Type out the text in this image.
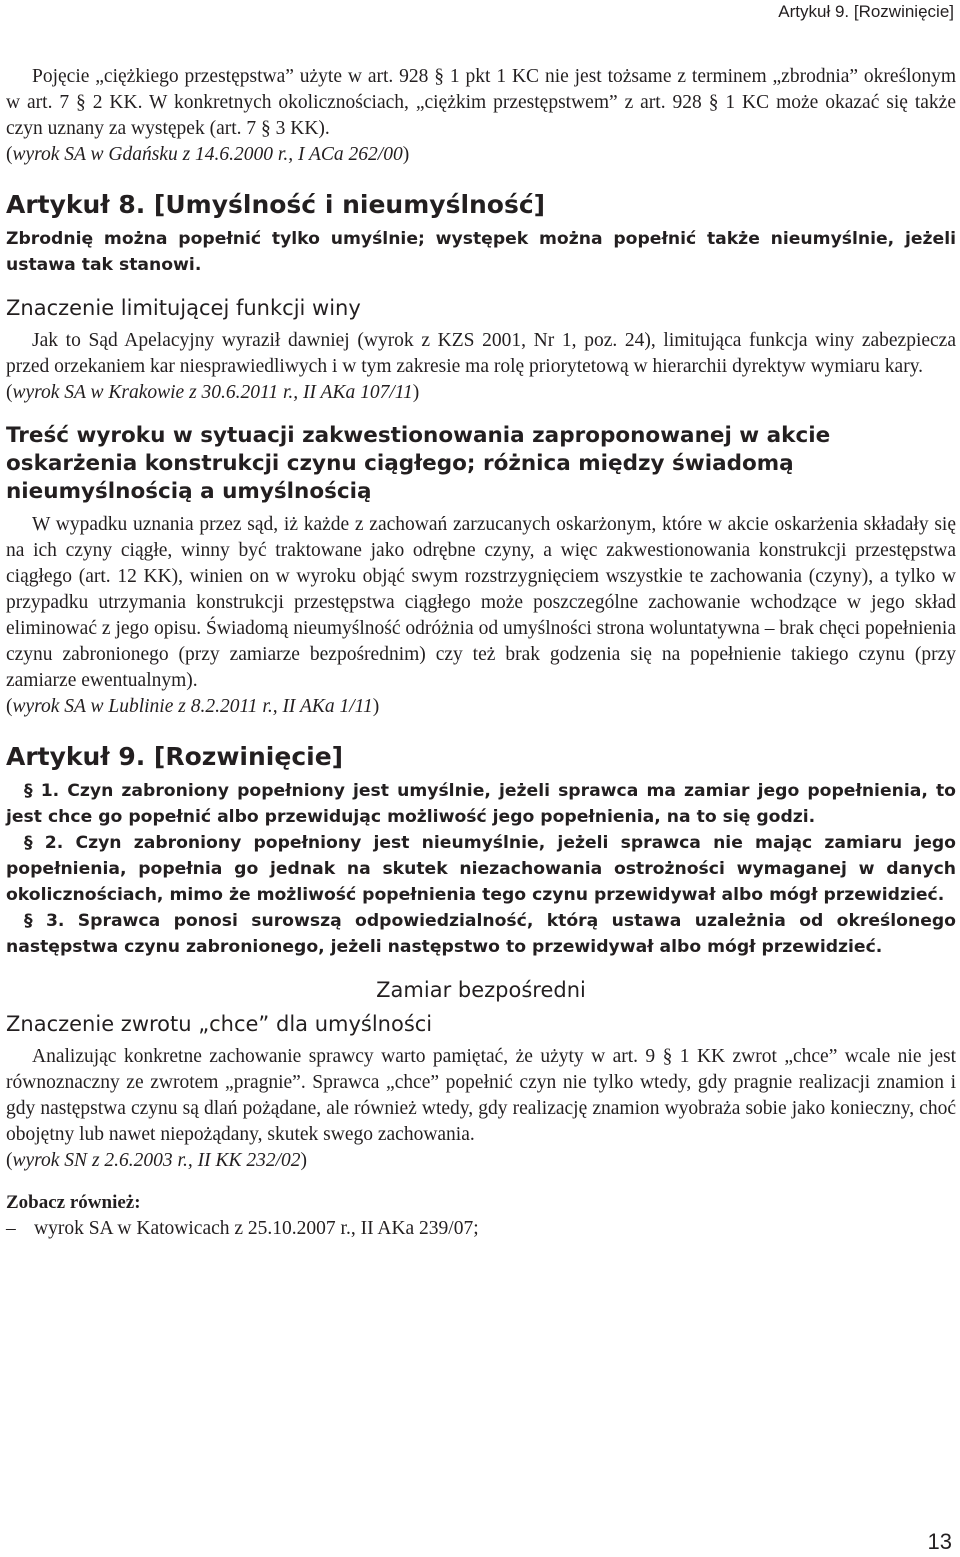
Artykuł 9. [Rozwinięcie]

Pojęcie „ciężkiego przestępstwa” użyte w art. 928 § 1 pkt 1 KC nie jest tożsame z terminem „zbrodnia” określonym w art. 7 § 2 KK. W konkretnych okolicznościach, „ciężkim przestępstwem” z art. 928 § 1 KC może okazać się także czyn uznany za występek (art. 7 § 3 KK).

(wyrok SA w Gdańsku z 14.6.2000 r., I ACa 262/00)

Artykuł 8. [Umyślność i nieumyślność]

Zbrodnię można popełnić tylko umyślnie; występek można popełnić także nieumyślnie, jeżeli ustawa tak stanowi.

Znaczenie limitującej funkcji winy

Jak to Sąd Apelacyjny wyraził dawniej (wyrok z KZS 2001, Nr 1, poz. 24), limitująca funkcja winy zabezpiecza przed orzekaniem kar niesprawiedliwych i w tym zakresie ma rolę priorytetową w hierarchii dyrektyw wymiaru kary.

(wyrok SA w Krakowie z 30.6.2011 r., II AKa 107/11)

Treść wyroku w sytuacji zakwestionowania zaproponowanej w akcie oskarżenia konstrukcji czynu ciągłego; różnica między świadomą nieumyślnością a umyślnością

W wypadku uznania przez sąd, iż każde z zachowań zarzucanych oskarżonym, które w akcie oskarżenia składały się na ich czyny ciągłe, winny być traktowane jako odrębne czyny, a więc zakwestionowania konstrukcji przestępstwa ciągłego (art. 12 KK), winien on w wyroku objąć swym rozstrzygnięciem wszystkie te zachowania (czyny), a tylko w przypadku utrzymania konstrukcji przestępstwa ciągłego może poszczególne zachowanie wchodzące w jego skład eliminować z jego opisu. Świadomą nieumyślność odróżnia od umyślności strona woluntatywna – brak chęci popełnienia czynu zabronionego (przy zamiarze bezpośrednim) czy też brak godzenia się na popełnienie takiego czynu (przy zamiarze ewentualnym).

(wyrok SA w Lublinie z 8.2.2011 r., II AKa 1/11)

Artykuł 9. [Rozwinięcie]

§ 1. Czyn zabroniony popełniony jest umyślnie, jeżeli sprawca ma zamiar jego popełnienia, to jest chce go popełnić albo przewidując możliwość jego popełnienia, na to się godzi.

§ 2. Czyn zabroniony popełniony jest nieumyślnie, jeżeli sprawca nie mając zamiaru jego popełnienia, popełnia go jednak na skutek niezachowania ostrożności wymaganej w danych okolicznościach, mimo że możliwość popełnienia tego czynu przewidywał albo mógł przewidzieć.

§ 3. Sprawca ponosi surowszą odpowiedzialność, którą ustawa uzależnia od określonego następstwa czynu zabronionego, jeżeli następstwo to przewidywał albo mógł przewidzieć.

Zamiar bezpośredni

Znaczenie zwrotu „chce” dla umyślności

Analizując konkretne zachowanie sprawcy warto pamiętać, że użyty w art. 9 § 1 KK zwrot „chce” wcale nie jest równoznaczny ze zwrotem „pragnie”. Sprawca „chce” popełnić czyn nie tylko wtedy, gdy pragnie realizacji znamion i gdy następstwa czynu są dlań pożądane, ale również wtedy, gdy realizację znamion wyobraża sobie jako konieczny, choć obojętny lub nawet niepożądany, skutek swego zachowania.

(wyrok SN z 2.6.2003 r., II KK 232/02)

Zobacz również:

– wyrok SA w Katowicach z 25.10.2007 r., II AKa 239/07;

13
